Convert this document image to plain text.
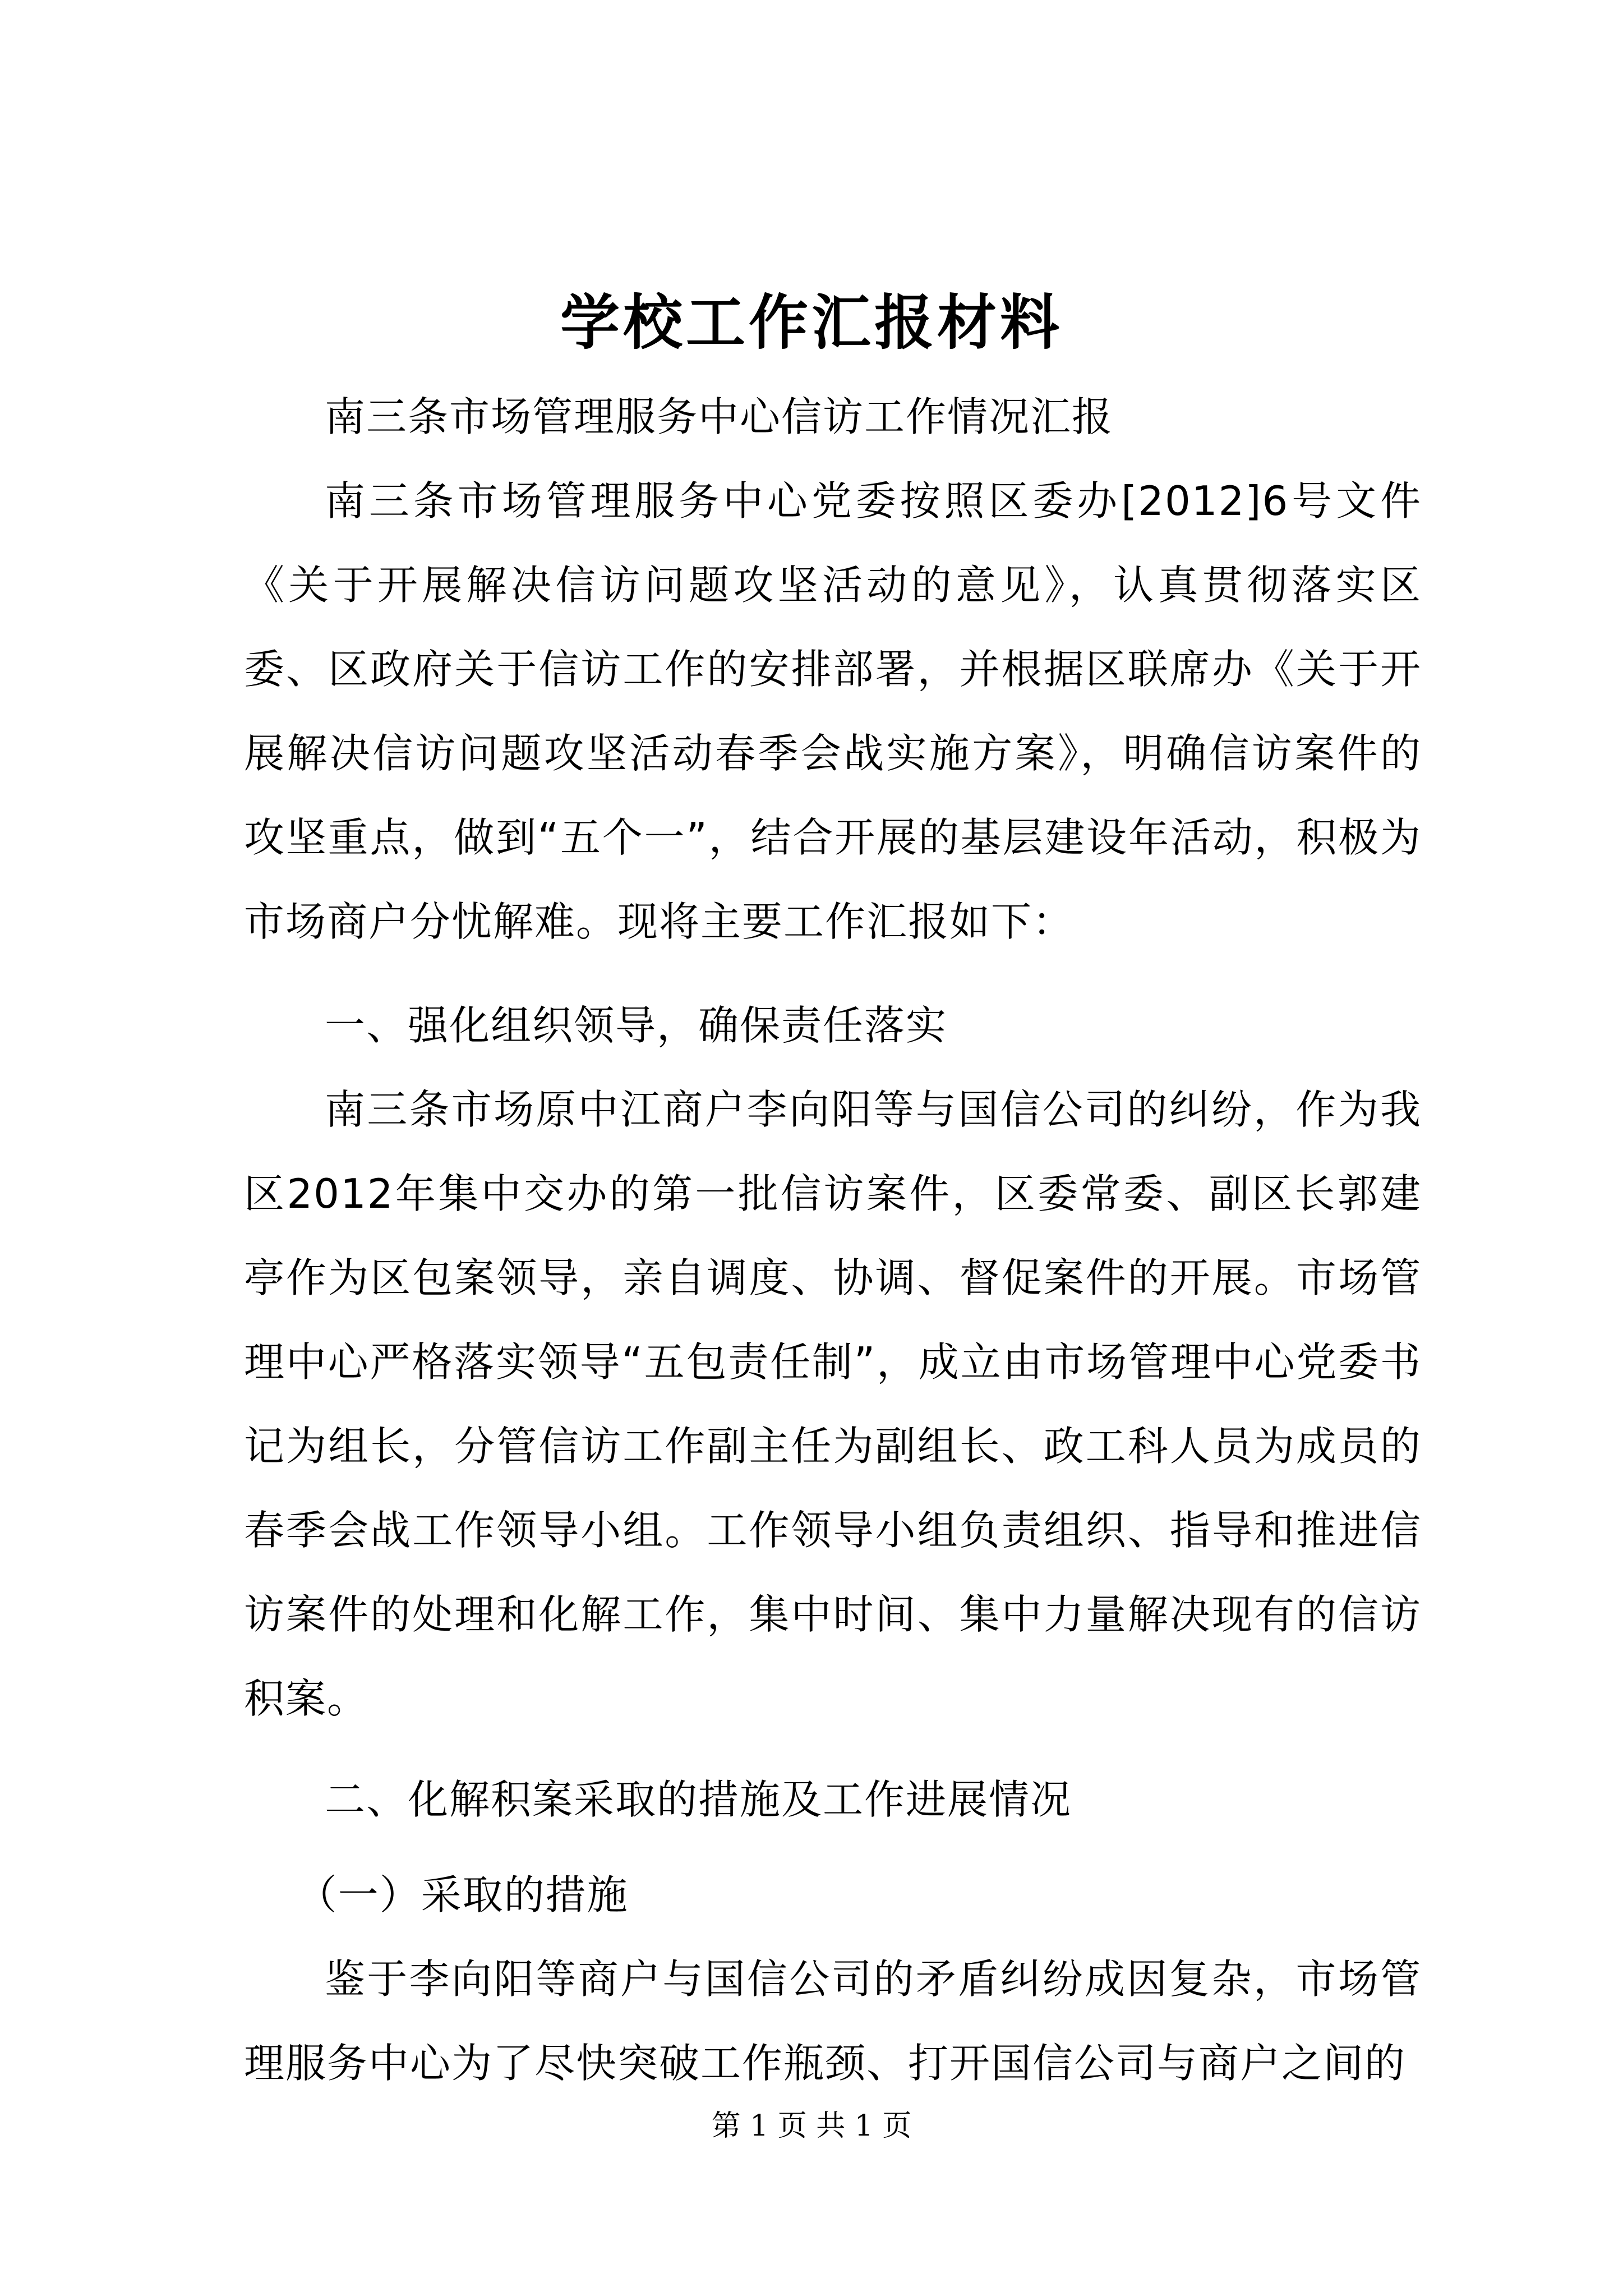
学校工作汇报材料

南三条市场管理服务中心信访工作情况汇报

南三条市场管理服务中心党委按照区委办[2012]6号文件《关于开展解决信访问题攻坚活动的意见》，认真贯彻落实区委、区政府关于信访工作的安排部署，并根据区联席办《关于开展解决信访问题攻坚活动春季会战实施方案》，明确信访案件的攻坚重点，做到“五个一”，结合开展的基层建设年活动，积极为市场商户分忧解难。现将主要工作汇报如下：

一、强化组织领导，确保责任落实

南三条市场原中江商户李向阳等与国信公司的纠纷，作为我区2012年集中交办的第一批信访案件，区委常委、副区长郭建亭作为区包案领导，亲自调度、协调、督促案件的开展。市场管理中心严格落实领导“五包责任制”，成立由市场管理中心党委书记为组长，分管信访工作副主任为副组长、政工科人员为成员的春季会战工作领导小组。工作领导小组负责组织、指导和推进信访案件的处理和化解工作，集中时间、集中力量解决现有的信访积案。

二、化解积案采取的措施及工作进展情况

（一）采取的措施

鉴于李向阳等商户与国信公司的矛盾纠纷成因复杂，市场管理服务中心为了尽快突破工作瓶颈、打开国信公司与商户之间的

第 1 页 共 1 页
